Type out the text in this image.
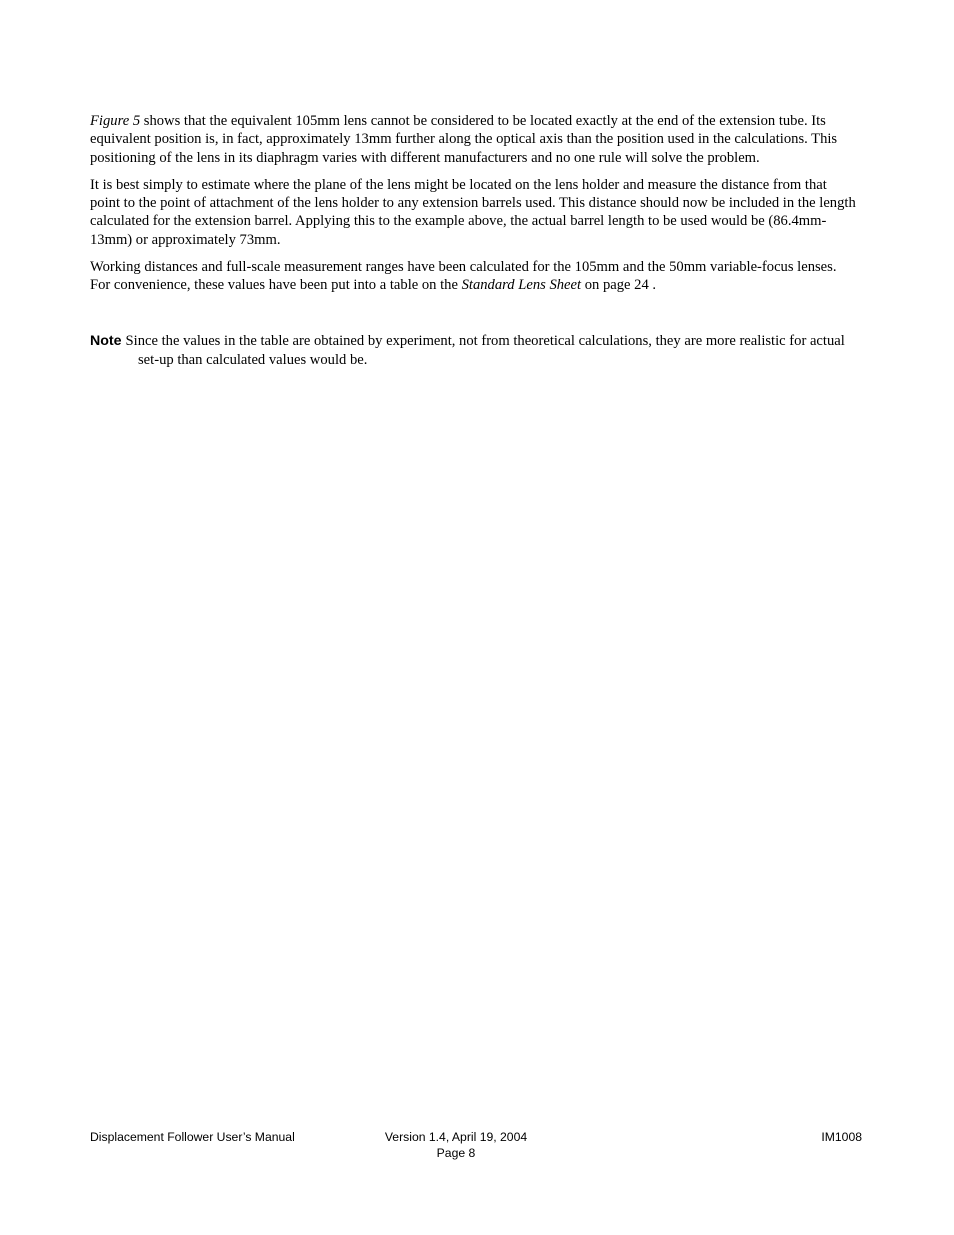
Figure 5 shows that the equivalent 105mm lens cannot be considered to be located exactly at the end of the extension tube. Its equivalent position is, in fact, approximately 13mm further along the optical axis than the position used in the calculations. This positioning of the lens in its diaphragm varies with different manufacturers and no one rule will solve the problem.

It is best simply to estimate where the plane of the lens might be located on the lens holder and measure the distance from that point to the point of attachment of the lens holder to any extension barrels used. This distance should now be included in the length calculated for the extension barrel. Applying this to the example above, the actual barrel length to be used would be (86.4mm-13mm) or approximately 73mm.

Working distances and full-scale measurement ranges have been calculated for the 105mm and the 50mm variable-focus lenses. For convenience, these values have been put into a table on the Standard Lens Sheet on page 24 .

Note Since the values in the table are obtained by experiment, not from theoretical calculations, they are more realistic for actual set-up than calculated values would be.
Displacement Follower User’s Manual	Version 1.4, April 19, 2004
Page 8
IM1008
